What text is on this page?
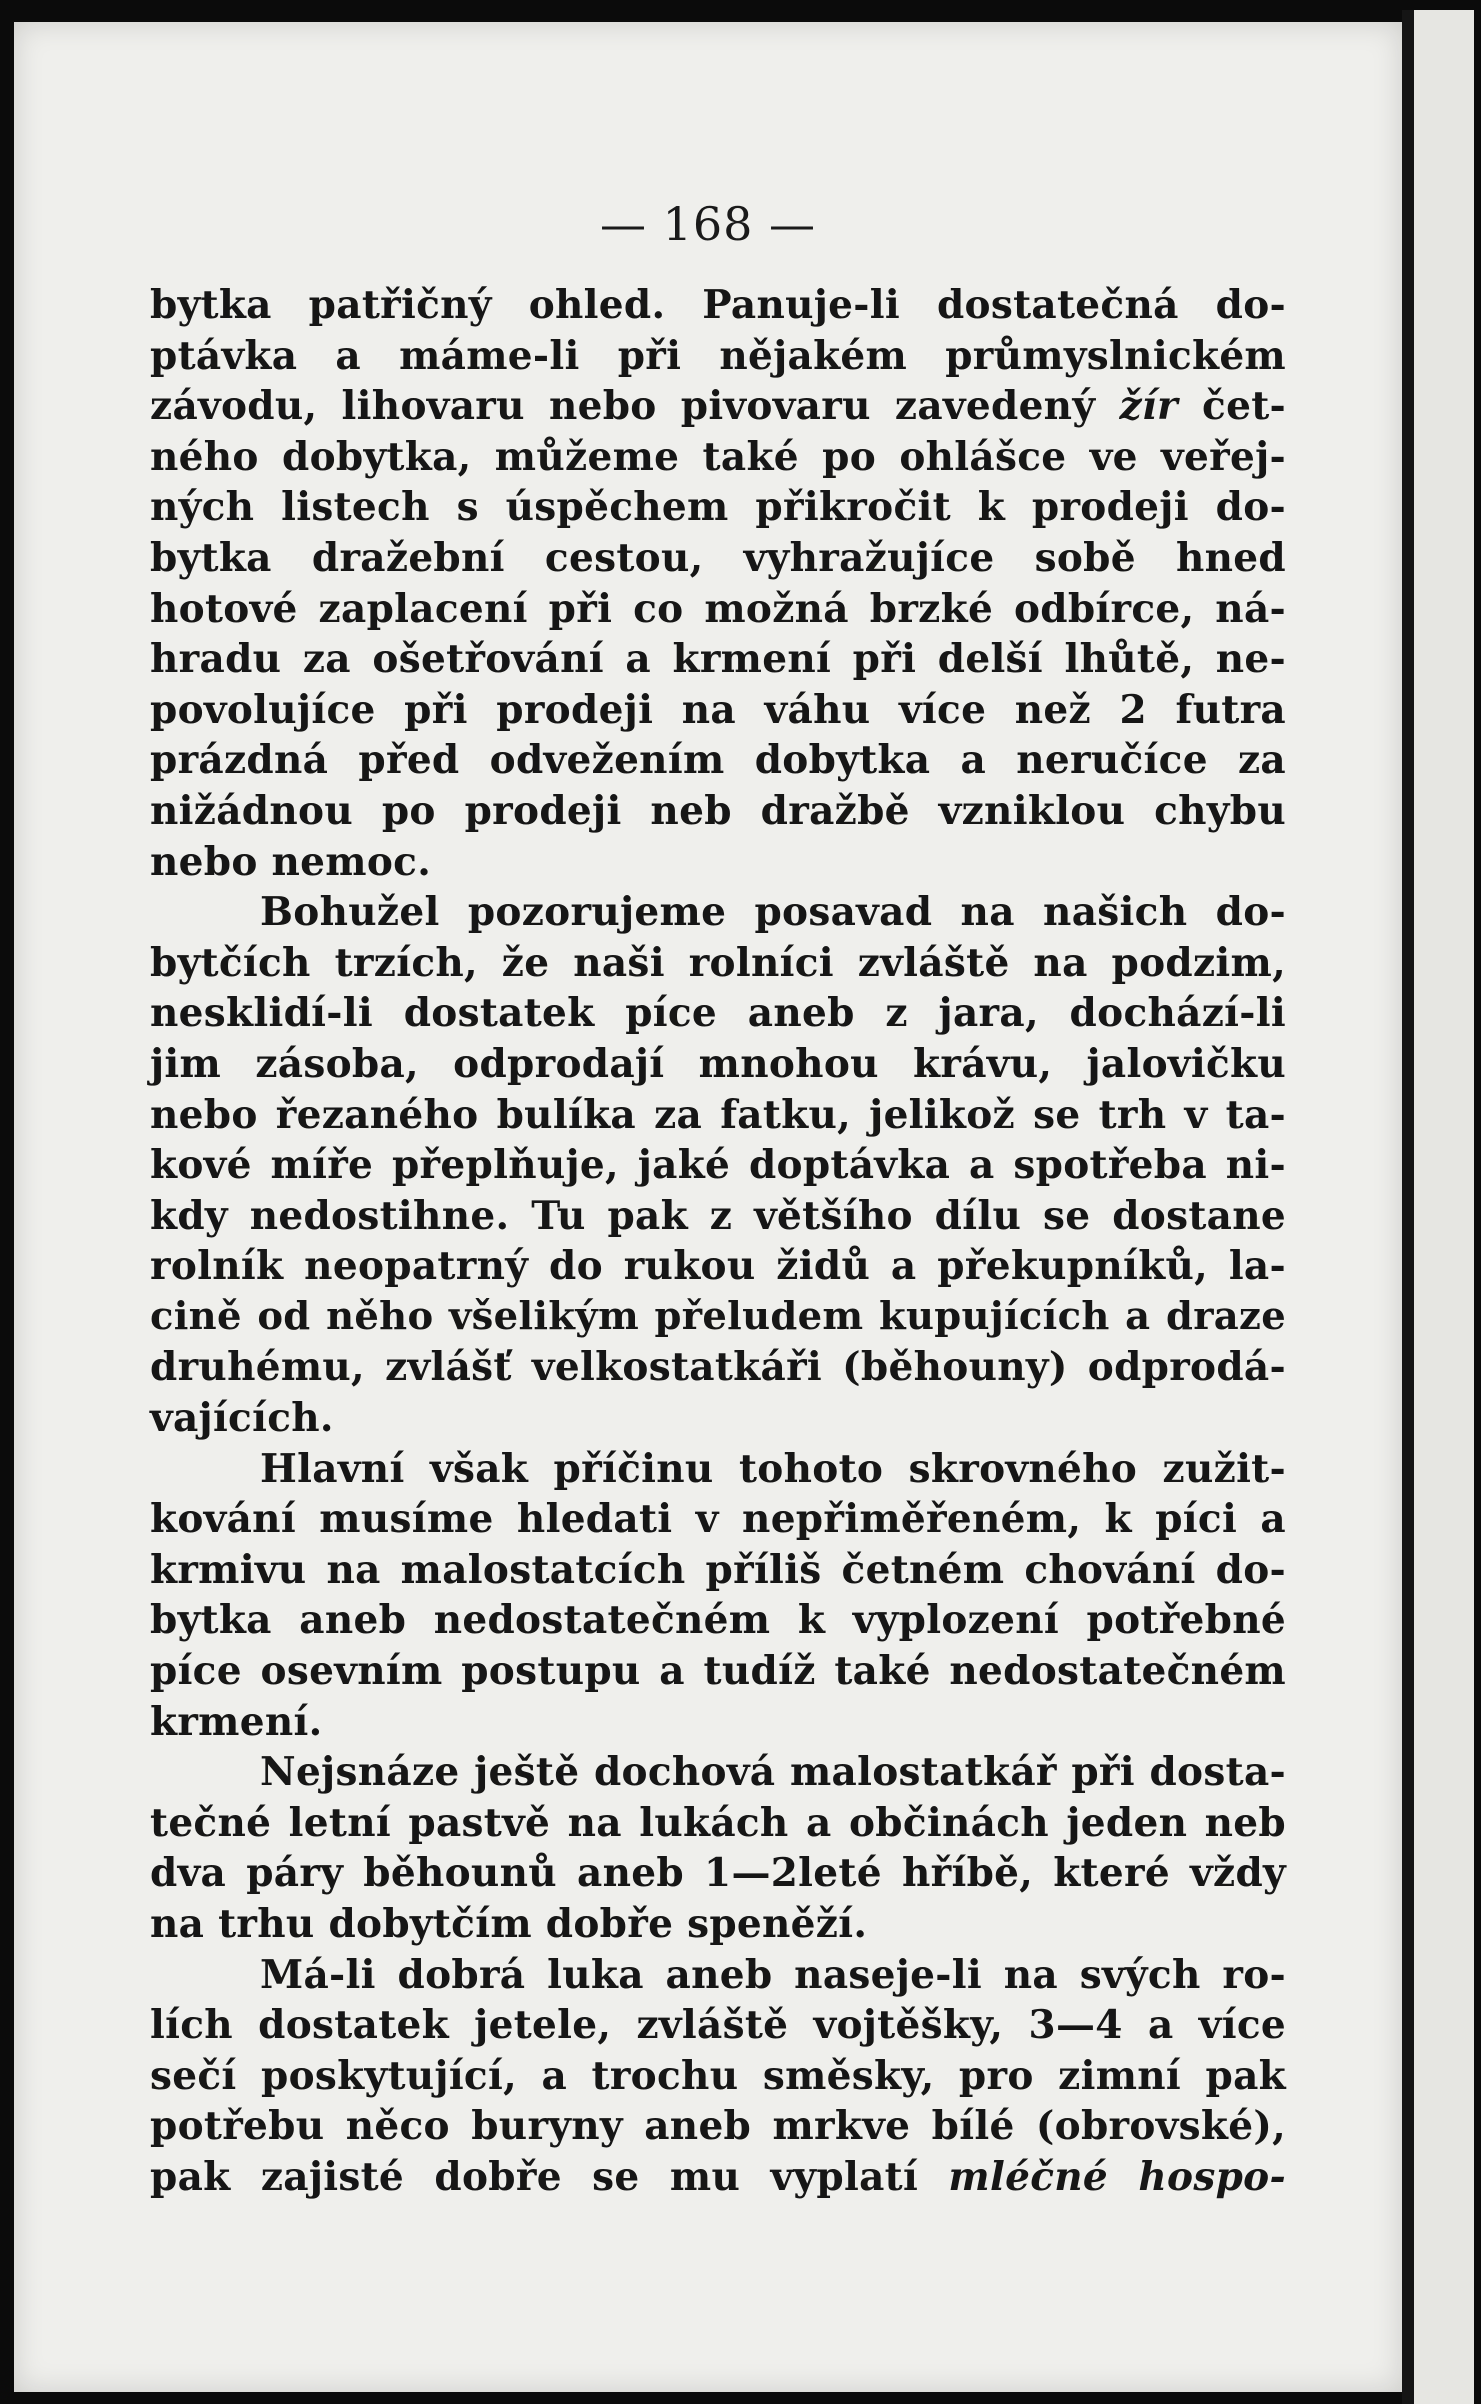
— 168 —
bytka patřičný ohled. Panuje-li dostatečná do-
ptávka a máme-li při nějakém průmyslnickém
závodu, lihovaru nebo pivovaru zavedený žír čet-
ného dobytka, můžeme také po ohlášce ve veřej-
ných listech s úspěchem přikročit k prodeji do-
bytka dražební cestou, vyhražujíce sobě hned
hotové zaplacení při co možná brzké odbírce, ná-
hradu za ošetřování a krmení při delší lhůtě, ne-
povolujíce při prodeji na váhu více než 2 futra
prázdná před odvežením dobytka a neručíce za
nižádnou po prodeji neb dražbě vzniklou chybu
nebo nemoc.
Bohužel pozorujeme posavad na našich do-
bytčích trzích, že naši rolníci zvláště na podzim,
nesklidí-li dostatek píce aneb z jara, dochází-li
jim zásoba, odprodají mnohou krávu, jalovičku
nebo řezaného bulíka za fatku, jelikož se trh v ta-
kové míře přeplňuje, jaké doptávka a spotřeba ni-
kdy nedostihne. Tu pak z většího dílu se dostane
rolník neopatrný do rukou židů a překupníků, la-
cině od něho všelikým přeludem kupujících a draze
druhému, zvlášť velkostatkáři (běhouny) odprodá-
vajících.
Hlavní však příčinu tohoto skrovného zužit-
kování musíme hledati v nepřiměřeném, k píci a
krmivu na malostatcích příliš četném chování do-
bytka aneb nedostatečném k vyplození potřebné
píce osevním postupu a tudíž také nedostatečném
krmení.
Nejsnáze ještě dochová malostatkář při dosta-
tečné letní pastvě na lukách a občinách jeden neb
dva páry běhounů aneb 1—2leté hříbě, které vždy
na trhu dobytčím dobře speněží.
Má-li dobrá luka aneb naseje-li na svých ro-
lích dostatek jetele, zvláště vojtěšky, 3—4 a více
sečí poskytující, a trochu směsky, pro zimní pak
potřebu něco buryny aneb mrkve bílé (obrovské),
pak zajisté dobře se mu vyplatí mléčné hospo-
